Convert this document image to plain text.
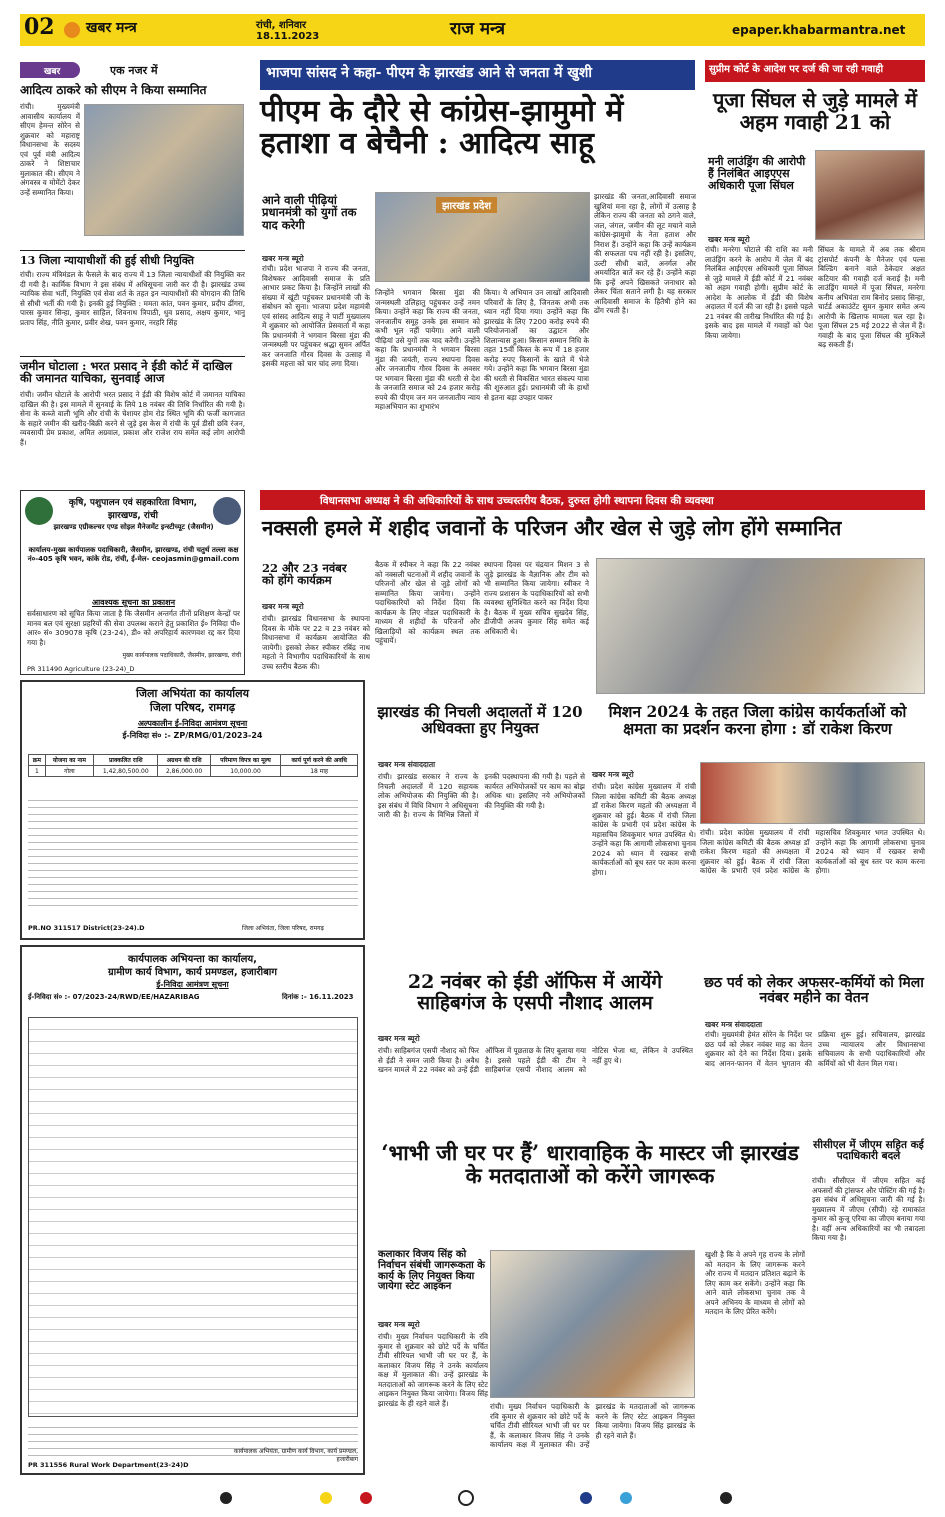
02 खबर मन्त्र	रांची, शनिवार
18.11.2023	राज मन्त्र	epaper.khabarmantra.net
खबर	एक नजर में
आदित्य ठाकरे को सीएम ने किया सम्मानित
रांची। मुख्यमंत्री आवासीय कार्यालय में सीएम हेमन्त सोरेन से शुक्रवार को महाराष्ट्र विधानसभा के सदस्य एवं पूर्व मंत्री आदित्य ठाकरे ने शिष्टाचार मुलाकात की। सीएम ने अंगवस्त्र व मोमेंटो देकर उन्हें सम्मानित किया।
13 जिला न्यायाधीशों की हुई सीधी नियुक्ति
रांची। राज्य मंत्रिमंडल के फैसले के बाद राज्य में 13 जिला न्यायाधीशों की नियुक्ति कर दी गयी है। कार्मिक विभाग ने इस संबंध में अधिसूचना जारी कर दी है। झारखंड उच्च न्यायिक सेवा भर्ती, नियुक्ति एवं सेवा शर्त के तहत इन न्यायाधीशों की योगदान की तिथि से सीधी भर्ती की गयी है। इनकी हुई नियुक्ति : ममता कांत, पवन कुमार, प्रदीप ढींगरा, पारस कुमार सिन्हा, कुमार साहिल, शिवनाथ त्रिपाठी, धुव प्रसाद, अक्षय कुमार, भानु प्रताप सिंह, नीति कुमार, प्रवीर शेख, पवन कुमार, नरहरि सिंह
जमीन घोटाला : भरत प्रसाद ने ईडी कोर्ट में दाखिल की जमानत याचिका, सुनवाई आज
रांची। जमीन घोटाले के आरोपी भरत प्रसाद ने ईडी की विशेष कोर्ट में जमानत याचिका दाखिल की है। इस मामले में सुनवाई के लिये 18 नवंबर की तिथि निर्धारित की गयी है। सेना के कब्जे वाली भूमि और रांची के चेशायर होम रोड स्थित भूमि की फर्जी कागजात के सहारे जमीन की खरीद-बिक्री करने से जुड़े इस केस में रांची के पूर्व डीसी छवि रंजन, व्यवसायी प्रेम प्रकाश, अमित अग्रवाल, प्रकाश और राजेश राय समेत कई लोग आरोपी हैं।
कृषि, पशुपालन एवं सहकारिता विभाग, झारखण्ड, रांची
झारखण्ड एग्रीकल्चर एण्ड सोइल मैनेजमेंट इन्स्टीच्यूट (जैसमीन)
कार्यालय-मुख्य कार्यपालक पदाधिकारी, जैसमीन, झारखण्ड, रांची चतुर्थ तल्ला कक्ष नं०-405 कृषि भवन, कांके रोड, रांची, ई-मेल- ceojasmin@gmail.com
आवश्यक सूचना का प्रकाशन
सर्वसाधारण को सूचित किया जाता है कि जैसमीन अन्तर्गत तीनों प्रशिक्षण केन्द्रों पर मानव बल एवं सुरक्षा प्रहरियों की सेवा उपलब्ध कराने हेतु प्रकाशित ई० निविदा पी० आर० सं० 309078 कृषि (23-24), डी० को अपरिहार्य कारणवश रद्द कर दिया गया है।
मुख्य कार्यपालक पदाधिकारी, जैसमीन, झारखण्ड, रांची
PR 311490 Agriculture (23-24)_D
जिला अभियंता का कार्यालय
जिला परिषद, रामगढ़
अल्पकालीन ई-निविदा आमंत्रण सूचना
ई-निविदा सं० :- ZP/RMG/01/2023-24
क्रम	योजना का नाम	प्राक्कलित राशि	अग्रधन की राशि	परिमाण विपत्र का मूल्य	कार्य पूर्ण करने की अवधि
1	गोला	1,42,80,500.00	2,86,000.00	10,000.00	18 माह
PR.NO 311517 District(23-24).D	जिला अभियंता, जिला परिषद, रामगढ़
कार्यपालक अभियन्ता का कार्यालय,
ग्रामीण कार्य विभाग, कार्य प्रमण्डल, हजारीबाग
ई-निविदा आमंत्रण सूचना
ई-निविदा सं० :- 07/2023-24/RWD/EE/HAZARIBAG	दिनांक :- 16.11.2023
PR 311556 Rural Work Department(23-24)D
कार्यपालक अभियंता, ग्रामीण कार्य विभाग, कार्य प्रमण्डल, हजारीबाग
भाजपा सांसद ने कहा- पीएम के झारखंड आने से जनता में खुशी
पीएम के दौरे से कांग्रेस-झामुमो में हताशा व बेचैनी : आदित्य साहू
आने वाली पीढ़ियां प्रधानमंत्री को युगों तक याद करेगी
खबर मन्त्र ब्यूरो
झारखंड प्रदेश
रांची। प्रदेश भाजपा ने राज्य की जनता, विशेषकर आदिवासी समाज के प्रति आभार प्रकट किया है। जिन्होंने लाखों की संख्या में खूंटी पहुंचकर प्रधानमंत्री जी के संबोधन को सुना। भाजपा प्रदेश महामंत्री एवं सांसद आदित्य साहू ने पार्टी मुख्यालय में शुक्रवार को आयोजित प्रेसवार्ता में कहा कि प्रधानमंत्री ने भगवान बिरसा मुंडा की जन्मस्थली पर पहुंचकर श्रद्धा सुमन अर्पित कर जनजाति गौरव दिवस के उत्साह में इसकी महत्ता को चार चांद लगा दिया।
जिन्होंने भगवान बिरसा मुंडा की जन्मस्थली उलिहातु पहुंचकर उन्हें नमन किया। उन्होंने कहा कि राज्य की जनता, जनजातीय समूह उनके इस सम्मान को कभी भूल नहीं पायेगा। आने वाली पीढ़ियां उसे युगों तक याद करेंगी। उन्होंने कहा कि प्रधानमंत्री ने भगवान बिरसा मुंडा की जयंती, राज्य स्थापना दिवस और जनजातीय गौरव दिवस के अवसर पर भगवान बिरसा मुंडा की धरती से देश के जनजाति समाज को 24 हजार करोड़ रुपये की पीएम जन मन जनजातीय न्याय महाअभियान का शुभारंभ
किया। ये अभियान उन लाखों आदिवासी परिवारों के लिए है, जिनतक अभी तक ध्यान नहीं दिया गया। उन्होंने कहा कि झारखंड के लिए 7200 करोड़ रुपये की परियोजनाओं का उद्घाटन और शिलान्यास हुआ। किसान सम्मान निधि के तहत 15वीं किस्त के रूप में 18 हजार करोड़ रुपए किसानों के खाते में भेजे गये। उन्होंने कहा कि भगवान बिरसा मुंडा की धरती से विकसित भारत संकल्प यात्रा की शुरुआत हुई। प्रधानमंत्री जी के हाथों से इतना बड़ा उपहार पाकर
झारखंड की जनता,आदिवासी समाज खुशियां मना रहा है, लोगों में उत्साह है लेकिन राज्य की जनता को ठगने वाले, जल, जंगल, जमीन की लूट मचाने वाले कांग्रेस-झामुमो के नेता हताश और निराश हैं। उन्होंने कहा कि उन्हें कार्यक्रम की सफलता पच नहीं रही है। इसलिए, उल्टी सीधी बातें, अनर्गल और अमर्यादित बातें कर रहे हैं। उन्होंने कहा कि इन्हें अपने खिसकते जनाधार को लेकर चिंता सताने लगी है। यह सरकार आदिवासी समाज के हितैषी होने का ढोंग रचती है।
सुप्रीम कोर्ट के आदेश पर दर्ज की जा रही गवाही
पूजा सिंघल से जुड़े मामले में अहम गवाही 21 को
मनी लाउंड्रिंग की आरोपी हैं निलंबित आइएएस अधिकारी पूजा सिंघल
खबर मन्त्र ब्यूरो
रांची। मनरेगा घोटाले की राशि का मनी लाउंड्रिंग करने के आरोप में जेल में बंद निलंबित आईएएस अधिकारी पूजा सिंघल से जुड़े मामले में ईडी कोर्ट में 21 नवंबर को अहम गवाही होगी। सुप्रीम कोर्ट के आदेश के आलोक में ईडी की विशेष अदालत में दर्ज की जा रही है। इससे पहले 21 नवंबर की तारीख निर्धारित की गई है। इसके बाद इस मामले में गवाहों को पेश किया जायेगा।
सिंघल के मामले में अब तक श्रीराम ट्रांसपोर्ट कंपनी के मैनेजर एवं पल्स बिल्डिंग बनाने वाले ठेकेदार अक्षत कटियार की गवाही दर्ज कराई है। मनी लाउंड्रिंग मामले में पूजा सिंघल, मनरेगा कनीय अभियंता राम बिनोद प्रसाद सिन्हा, चार्टर्ड अकाउंटेंट सुमन कुमार समेत अन्य आरोपी के खिलाफ मामला चल रहा है। पूजा सिंघल 25 मई 2022 से जेल में हैं। गवाही के बाद पूजा सिंघल की मुश्किलें बढ़ सकती हैं।
विधानसभा अध्यक्ष ने की अधिकारियों के साथ उच्चस्तरीय बैठक, दुरुस्त होगी स्थापना दिवस की व्यवस्था
नक्सली हमले में शहीद जवानों के परिजन और खेल से जुड़े लोग होंगे सम्मानित
22 और 23 नवंबर को होंगे कार्यक्रम
खबर मन्त्र ब्यूरो
रांची। झारखंड विधानसभा के स्थापना दिवस के मौके पर 22 व 23 नवंबर को विधानसभा में कार्यक्रम आयोजित की जायेगी। इसको लेकर स्पीकर रबिंद्र नाथ महतो ने विभागीय पदाधिकारियों के साथ उच्च स्तरीय बैठक की।
बैठक में स्पीकर ने कहा कि 22 नवंबर को नक्सली घटनाओं में शहीद जवानों के परिजनों और खेल से जुड़े लोगों को सम्मानित किया जायेगा। उन्होंने पदाधिकारियों को निर्देश दिया कि कार्यक्रम के लिए नोडल पदाधिकारी के माध्यम से शहीदों के परिजनों और खिलाड़ियों को कार्यक्रम स्थल तक पहुंचायें।
स्थापना दिवस पर चंद्रयान मिशन 3 से जुड़े झारखंड के वैज्ञानिक और टीम को भी सम्मानित किया जायेगा। स्वीकर ने राज्य प्रशासन के पदाधिकारियों को सभी व्यवस्था सुनिश्चित करने का निर्देश दिया है। बैठक में मुख्य सचिव सुखदेव सिंह, डीजीपी अजय कुमार सिंह समेत कई अधिकारी थे।
झारखंड की निचली अदालतों में 120 अधिवक्ता हुए नियुक्त
खबर मन्त्र संवाददाता
रांची। झारखंड सरकार ने राज्य के निचली अदालतों में 120 सहायक लोक अभियोजक की नियुक्ति की है। इस संबंध में विधि विभाग ने अधिसूचना जारी की है। राज्य के विभिन्न जिलों में इनकी पदस्थापना की गयी है। पहले से कार्यरत अभियोजकों पर काम का बोझ अधिक था। इसलिए नये अभियोजकों की नियुक्ति की गयी है।
मिशन 2024 के तहत जिला कांग्रेस कार्यकर्ताओं को क्षमता का प्रदर्शन करना होगा : डॉ राकेश किरण
खबर मन्त्र ब्यूरो
रांची। प्रदेश कांग्रेस मुख्यालय में रांची जिला कांग्रेस कमिटी की बैठक अध्यक्ष डॉ राकेश किरण महतो की अध्यक्षता में शुक्रवार को हुई। बैठक में रांची जिला कांग्रेस के प्रभारी एवं प्रदेश कांग्रेस के महासचिव शिवकुमार भगत उपस्थित थे। उन्होंने कहा कि आगामी लोकसभा चुनाव 2024 को ध्यान में रखकर सभी कार्यकर्ताओं को बूथ स्तर पर काम करना होगा।
रांची। प्रदेश कांग्रेस मुख्यालय में रांची जिला कांग्रेस कमिटी की बैठक अध्यक्ष डॉ राकेश किरण महतो की अध्यक्षता में शुक्रवार को हुई। बैठक में रांची जिला कांग्रेस के प्रभारी एवं प्रदेश कांग्रेस के महासचिव शिवकुमार भगत उपस्थित थे। उन्होंने कहा कि आगामी लोकसभा चुनाव 2024 को ध्यान में रखकर सभी कार्यकर्ताओं को बूथ स्तर पर काम करना होगा।
22 नवंबर को ईडी ऑफिस में आयेंगे साहिबगंज के एसपी नौशाद आलम
खबर मन्त्र ब्यूरो
रांची। साहिबगंज एसपी नौशाद को फिर से ईडी ने समन जारी किया है। अवैध खनन मामले में 22 नवंबर को उन्हें ईडी ऑफिस में पूछताछ के लिए बुलाया गया है। इससे पहले ईडी की टीम ने साहिबगंज एसपी नौशाद आलम को नोटिस भेजा था, लेकिन वे उपस्थित नहीं हुए थे।
छठ पर्व को लेकर अफसर-कर्मियों को मिला नवंबर महीने का वेतन
खबर मन्त्र संवाददाता
रांची। मुख्यमंत्री हेमंत सोरेन के निर्देश पर छठ पर्व को लेकर नवंबर माह का वेतन शुक्रवार को देने का निर्देश दिया। इसके बाद आनन-फानन में वेतन भुगतान की प्रक्रिया शुरू हुई। सचिवालय, झारखंड उच्च न्यायालय और विधानसभा सचिवालय के सभी पदाधिकारियों और कर्मियों को भी वेतन मिल गया।
‘भाभी जी घर पर हैं’ धारावाहिक के मास्टर जी झारखंड के मतदाताओं को करेंगे जागरूक
कलाकार विजय सिंह को निर्वाचन संबंधी जागरूकता के कार्य के लिए नियुक्त किया जायेगा स्टेट आइकन
खबर मन्त्र ब्यूरो
रांची। मुख्य निर्वाचन पदाधिकारी के रवि कुमार से शुक्रवार को छोटे पर्दे के चर्चित टीवी सीरियल भाभी जी घर पर हैं, के कलाकार विजय सिंह ने उनके कार्यालय कक्ष में मुलाकात की। उन्हें झारखंड के मतदाताओं को जागरूक करने के लिए स्टेट आइकन नियुक्त किया जायेगा। विजय सिंह झारखंड के ही रहने वाले हैं।	रांची। मुख्य निर्वाचन पदाधिकारी के रवि कुमार से शुक्रवार को छोटे पर्दे के चर्चित टीवी सीरियल भाभी जी घर पर हैं, के कलाकार विजय सिंह ने उनके कार्यालय कक्ष में मुलाकात की। उन्हें झारखंड के मतदाताओं को जागरूक करने के लिए स्टेट आइकन नियुक्त किया जायेगा। विजय सिंह झारखंड के ही रहने वाले हैं।
खुशी है कि वे अपने गृह राज्य के लोगों को मतदान के लिए जागरूक करने और राज्य में मतदान प्रतिशत बढ़ाने के लिए काम कर सकेंगे। उन्होंने कहा कि आने वाले लोकसभा चुनाव तक वे अपने अभिनय के माध्यम से लोगों को मतदान के लिए प्रेरित करेंगे।
सीसीएल में जीएम सहित कई पदाधिकारी बदले
रांची। सीसीएल में जीएम सहित कई अफसरों की ट्रांसफर और पोस्टिंग की गई है। इस संबंध में अधिसूचना जारी की गई है। मुख्यालय में जीएम (सीपी) रहे रामाकांत कुमार को कुजू एरिया का जीएम बनाया गया है। वहीं अन्य अधिकारियों का भी तबादला किया गया है।
